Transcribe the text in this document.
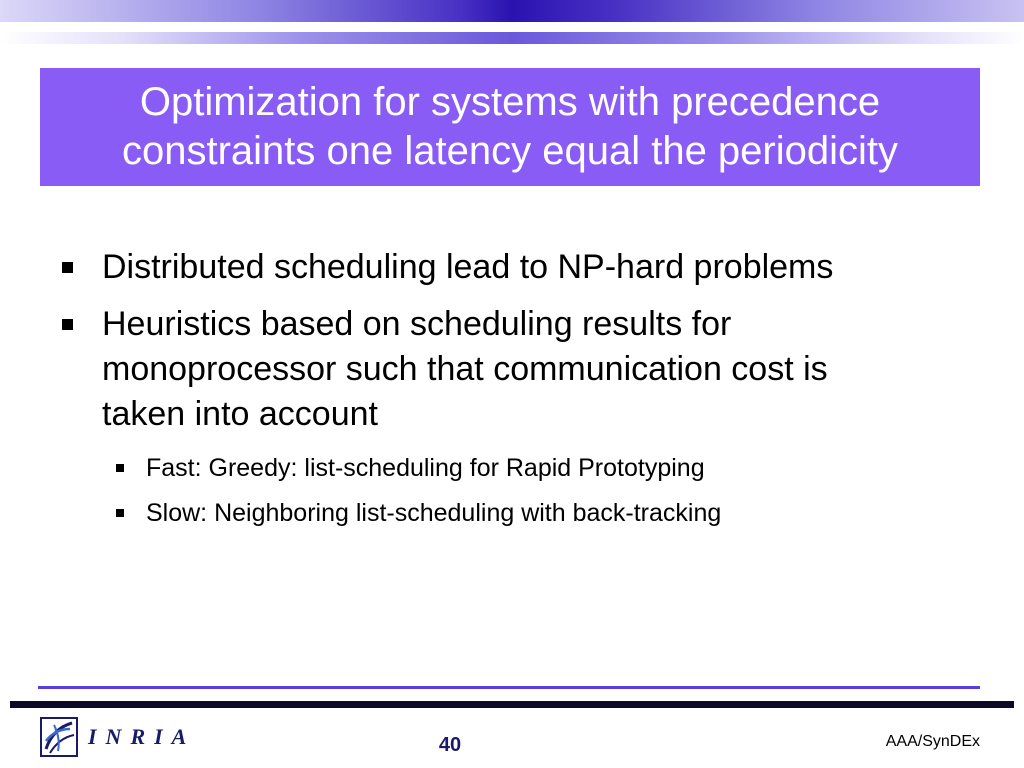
Optimization for systems with precedence constraints one latency equal the periodicity
Distributed scheduling lead to NP-hard problems
Heuristics based on scheduling results for
monoprocessor such that communication cost is
taken into account
Fast: Greedy: list-scheduling for Rapid Prototyping
Slow: Neighboring list-scheduling with back-tracking
INRIA	40	AAA/SynDEx
